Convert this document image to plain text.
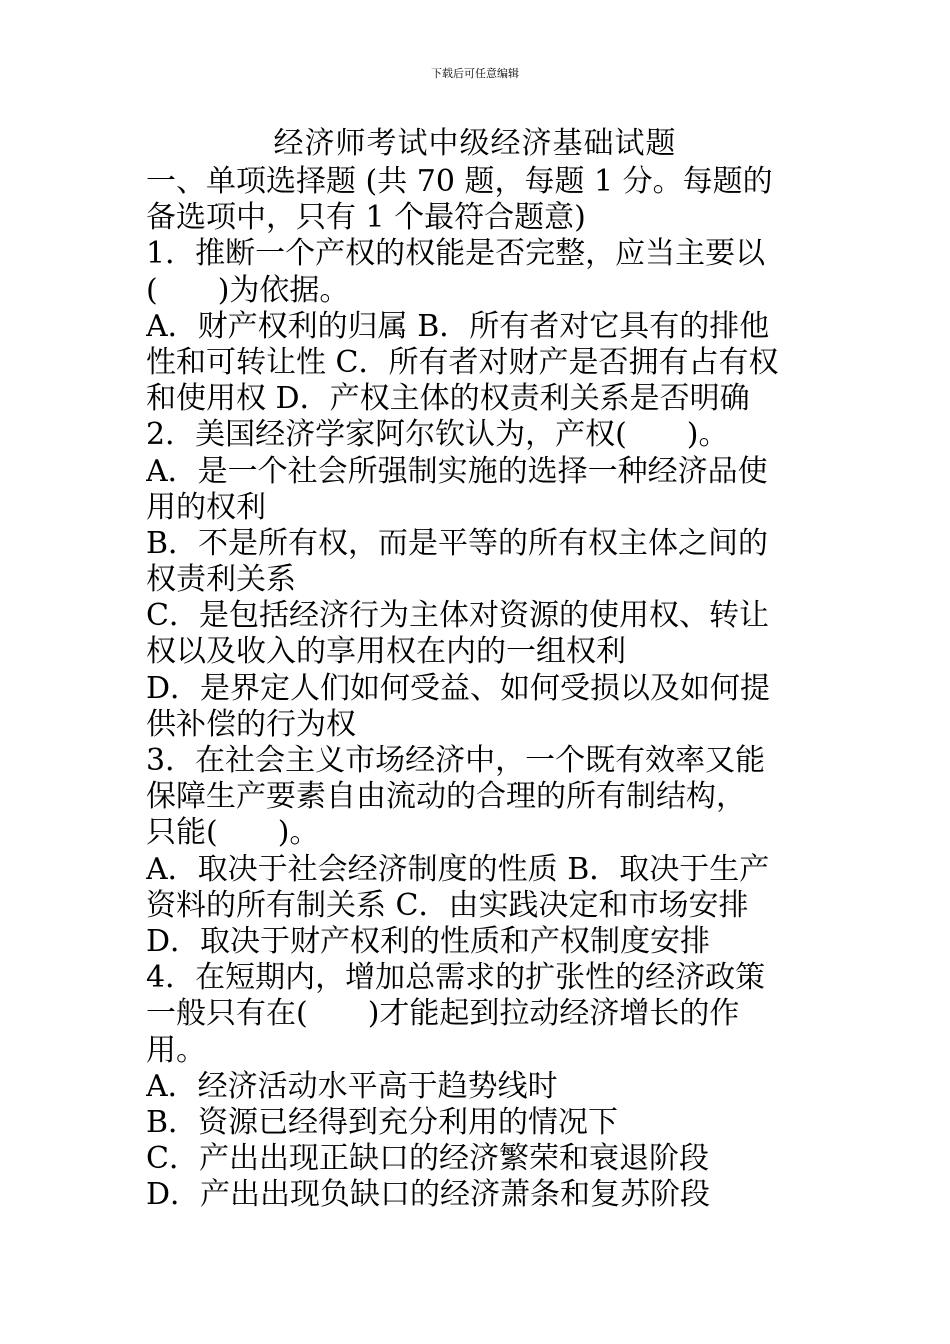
下载后可任意编辑
经济师考试中级经济基础试题
一、单项选择题 (共 70 题，每题 1 分。每题的
备选项中，只有 1 个最符合题意)
1．推断一个产权的权能是否完整，应当主要以
(　　)为依据。
A．财产权利的归属 B．所有者对它具有的排他
性和可转让性 C．所有者对财产是否拥有占有权
和使用权 D．产权主体的权责利关系是否明确
2．美国经济学家阿尔钦认为，产权(　　)。
A．是一个社会所强制实施的选择一种经济品使
用的权利
B．不是所有权，而是平等的所有权主体之间的
权责利关系
C．是包括经济行为主体对资源的使用权、转让
权以及收入的享用权在内的一组权利
D．是界定人们如何受益、如何受损以及如何提
供补偿的行为权
3．在社会主义市场经济中，一个既有效率又能
保障生产要素自由流动的合理的所有制结构，
只能(　　)。
A．取决于社会经济制度的性质 B．取决于生产
资料的所有制关系 C．由实践决定和市场安排
D．取决于财产权利的性质和产权制度安排
4．在短期内，增加总需求的扩张性的经济政策
一般只有在(　　)才能起到拉动经济增长的作
用。
A．经济活动水平高于趋势线时
B．资源已经得到充分利用的情况下
C．产出出现正缺口的经济繁荣和衰退阶段
D．产出出现负缺口的经济萧条和复苏阶段
